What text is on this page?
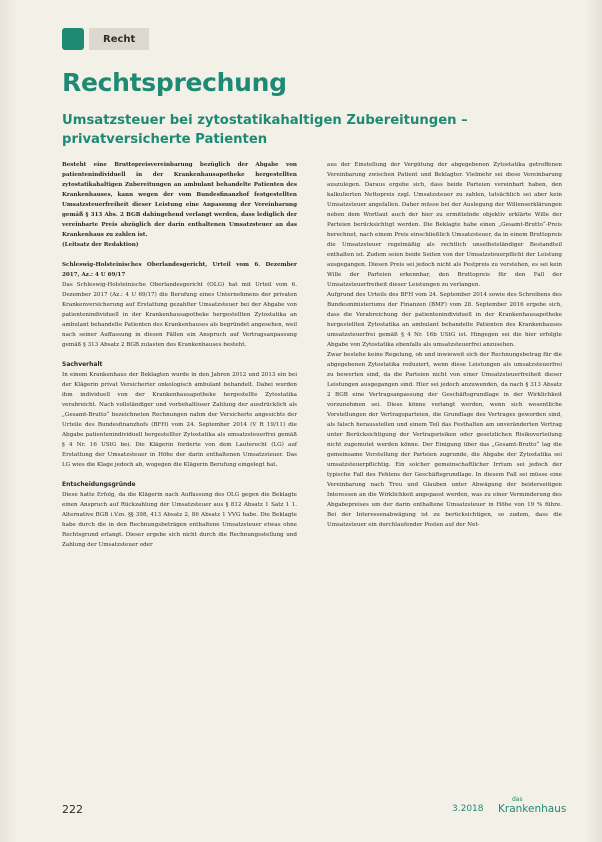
Recht
Rechtsprechung
Umsatzsteuer bei zytostatikahaltigen Zubereitungen – privatversicherte Patienten

Besteht eine Bruttopreisvereinbarung bezüglich der Abgabe von patientenindividuell in der Krankenhausapotheke hergestellten zytostatikahaltigen Zubereitungen an ambulant behandelte Patienten des Krankenhauses, kann wegen der vom Bundesfinanzhof festgestellten Umsatzsteuerfreiheit dieser Leistung eine Anpassung der Vereinbarung gemäß § 313 Abs. 2 BGB dahingehend verlangt werden, dass lediglich der vereinbarte Preis abzüglich der darin enthaltenen Umsatzsteuer an das Krankenhaus zu zahlen ist.

(Leitsatz der Redaktion)

Schleswig-Holsteinisches Oberlandesgericht, Urteil vom 6. Dezember 2017, Az.: 4 U 69/17

Das Schleswig-Holsteinische Oberlandesgericht (OLG) hat mit Urteil vom 6. Dezember 2017 (Az.: 4 U 69/17) die Berufung eines Unternehmens der privaten Krankenversicherung auf Erstattung gezahlter Umsatzsteuer bei der Abgabe von patientenindividuell in der Krankenhausapotheke hergestellten Zytostatika an ambulant behandelte Patienten des Krankenhauses als begründet angesehen, weil nach seiner Auffassung in diesen Fällen ein Anspruch auf Vertragsanpassung gemäß § 313 Absatz 2 BGB zulasten des Krankenhauses besteht.

Sachverhalt

In einem Krankenhaus der Beklagten wurde in den Jahren 2012 und 2013 ein bei der Klägerin privat Versicherter onkologisch ambulant behandelt. Dabei wurden ihm individuell von der Krankenhausapotheke hergestellte Zytostatika verabreicht. Nach vollständiger und vorbehaltloser Zahlung der ausdrücklich als „Gesamt-Brutto“ bezeichneten Rechnungen nahm der Versicherte angesichts der Urteile des Bundesfinanzhofs (BFH) vom 24. September 2014 (V R 19/11) die Abgabe patientenindividuell hergestellter Zytostatika als umsatzsteuerfrei gemäß § 4 Nr. 16 UStG bei. Die Klägerin forderte von dem Lauterecht (LG) auf Erstattung der Umsatzsteuer in Höhe der darin enthaltenen Umsatzsteuer. Das LG wies die Klage jedoch ab, wogegen die Klägerin Berufung eingelegt hat.

Entscheidungsgründe

Diese hatte Erfolg, da die Klägerin nach Auffassung des OLG gegen die Beklagte einen Anspruch auf Rückzahlung der Umsatzsteuer aus § 812 Absatz 1 Satz 1 1. Alternative BGB i.V.m. §§ 398, 413 Absatz 2, 86 Absatz 1 VVG habe. Die Beklagte habe durch die in den Rechnungsbeträgen enthaltene Umsatzsteuer etwas ohne Rechtsgrund erlangt. Dieser ergebe sich nicht durch die Rechnungsstellung und Zahlung der Umsatzsteuer oder

aus der Einstellung der Vergütung der abgegebenen Zytostatika getroffenen Vereinbarung zwischen Patient und Beklagter. Vielmehr sei diese Vereinbarung auszulegen. Daraus ergebe sich, dass beide Parteien vereinbart haben, den kalkulierten Nettopreis zzgl. Umsatzsteuer zu zahlen, tatsächlich sei aber kein Umsatzsteuer angefallen. Daher müsse bei der Auslegung der Willenserklärungen neben dem Wortlaut auch der hier zu ermittelnde objektiv erklärte Wille der Parteien berücksichtigt werden. Die Beklagte habe einen „Gesamt-Brutto“-Preis berechnet, nach einem Preis einschließlich Umsatzsteuer, da in einem Bruttopreis die Umsatzsteuer regelmäßig als rechtlich unselbstständiger Bestandteil enthalten ist. Zudem seien beide Seiten von der Umsatzsteuerpflicht der Leistung ausgegangen. Diesen Preis sei jedoch nicht als Festpreis zu verstehen, es sei kein Wille der Parteien erkennbar, den Bruttopreis für den Fall der Umsatzsteuerfreiheit dieser Leistungen zu verlangen.

Aufgrund des Urteils des BFH vom 24. September 2014 sowie des Schreibens des Bundesministeriums der Finanzen (BMF) vom 28. September 2016 ergebe sich, dass die Verabreichung der patientenindividuell in der Krankenhausapotheke hergestellten Zytostatika an ambulant behandelte Patienten des Krankenhauses umsatzsteuerfrei gemäß § 4 Nr. 16b UStG ist. Hingegen sei die hier erfolgte Abgabe von Zytostatika ebenfalls als umsatzsteuerfrei anzusehen.

Zwar bestehe keine Regelung, ob und inwieweit sich der Rechnungsbetrag für die abgegebenen Zytostatika reduziert, wenn diese Leistungen als umsatzsteuerfrei zu bewerten sind, da die Parteien nicht von einer Umsatzsteuerfreiheit dieser Leistungen ausgegangen sind. Hier sei jedoch anzuwenden, da nach § 313 Absatz 2 BGB eine Vertragsanpassung der Geschäftsgrundlage in der Wirklichkeit vorzunehmen sei. Diese könne verlangt werden, wenn sich wesentliche Vorstellungen der Vertragsparteien, die Grundlage des Vertrages geworden sind, als falsch herausstellen und einem Teil das Festhalten am unveränderten Vertrag unter Berücksichtigung der Vertragsrisiken oder gesetzlichen Risikoverteilung nicht zugemutet werden könne. Der Einigung über das „Gesamt-Brutto“ lag die gemeinsame Vorstellung der Parteien zugrunde, die Abgabe der Zytostatika sei umsatzsteuerpflichtig. Ein solcher gemeinschaftlicher Irrtum sei jedoch der typische Fall des Fehlens der Geschäftsgrundlage. In diesem Fall sei müsse eine Vereinbarung nach Treu und Glauben unter Abwägung der beiderseitigen Interessen an die Wirklichkeit angepasst werden, was zu einer Verminderung des Abgabepreises um der darin enthaltene Umsatzsteuer in Höhe von 19 % führe. Bei der Interessenabwägung ist zu berücksichtigen, so zudem, dass die Umsatzsteuer ein durchlaufender Posten auf der Net-

222	3.2018
das
Krankenhaus
